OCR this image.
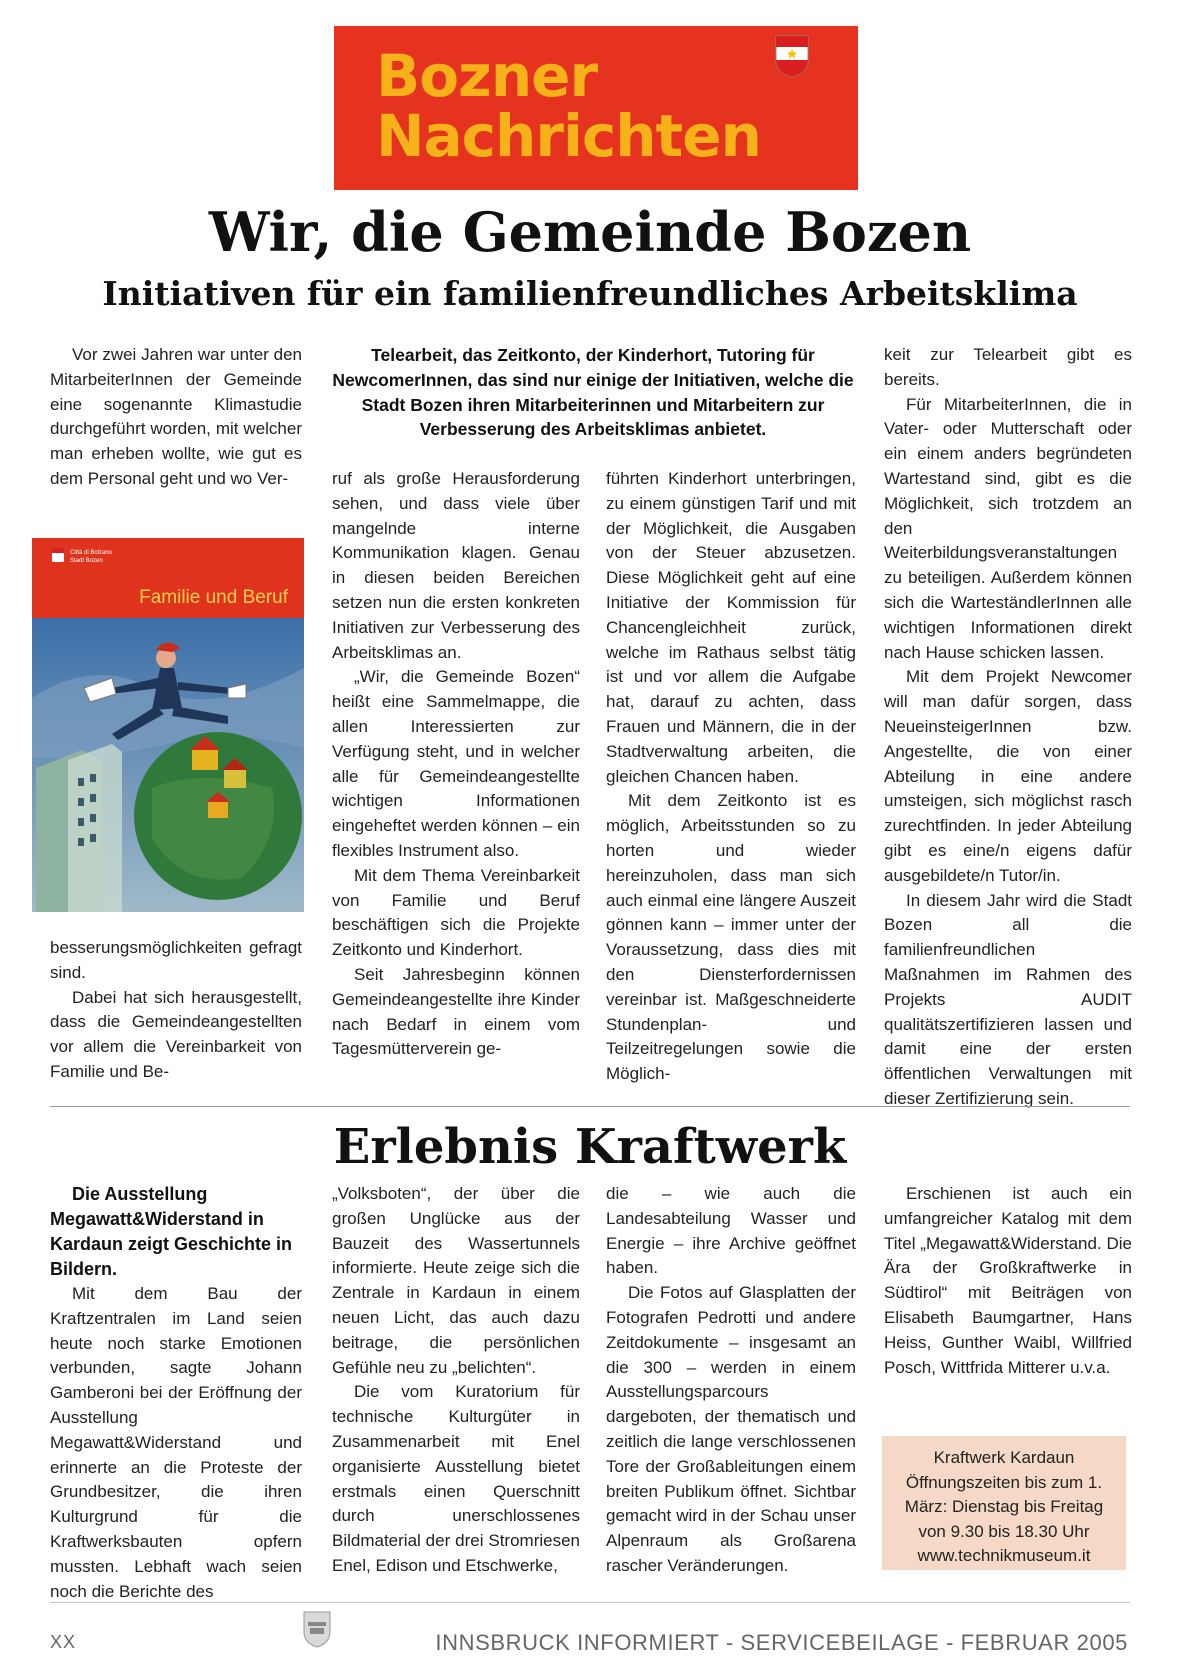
Bozner
Nachrichten
Wir, die Gemeinde Bozen
Initiativen für ein familienfreundliches Arbeitsklima

Vor zwei Jahren war unter den MitarbeiterInnen der Gemeinde eine sogenannte Klimastudie durchgeführt worden, mit welcher man erheben wollte, wie gut es dem Personal geht und wo Ver-

Città di Bolzano
Stadt Bozen
Familie und Beruf

besserungsmöglichkeiten gefragt sind.

Dabei hat sich herausgestellt, dass die Gemeindeangestellten vor allem die Vereinbarkeit von Familie und Be-

Telearbeit, das Zeitkonto, der Kinderhort, Tutoring für NewcomerInnen, das sind nur einige der Initiativen, welche die Stadt Bozen ihren Mitarbeiterinnen und Mitarbeitern zur Verbesserung des Arbeitsklimas anbietet.

ruf als große Herausforderung sehen, und dass viele über mangelnde interne Kommunikation klagen. Genau in diesen beiden Bereichen setzen nun die ersten konkreten Initiativen zur Verbesserung des Arbeitsklimas an.

„Wir, die Gemeinde Bozen“ heißt eine Sammelmappe, die allen Interessierten zur Verfügung steht, und in welcher alle für Gemeindeangestellte wichtigen Informationen eingeheftet werden können – ein flexibles Instrument also.

Mit dem Thema Vereinbarkeit von Familie und Beruf beschäftigen sich die Projekte Zeitkonto und Kinderhort.

Seit Jahresbeginn können Gemeindeangestellte ihre Kinder nach Bedarf in einem vom Tagesmütterverein ge-

führten Kinderhort unterbringen, zu einem günstigen Tarif und mit der Möglichkeit, die Ausgaben von der Steuer abzusetzen. Diese Möglichkeit geht auf eine Initiative der Kommission für Chancengleichheit zurück, welche im Rathaus selbst tätig ist und vor allem die Aufgabe hat, darauf zu achten, dass Frauen und Männern, die in der Stadtverwaltung arbeiten, die gleichen Chancen haben.

Mit dem Zeitkonto ist es möglich, Arbeitsstunden so zu horten und wieder hereinzuholen, dass man sich auch einmal eine längere Auszeit gönnen kann – immer unter der Voraussetzung, dass dies mit den Diensterfordernissen vereinbar ist. Maßgeschneiderte Stundenplan- und Teilzeitregelungen sowie die Möglich-

keit zur Telearbeit gibt es bereits.

Für MitarbeiterInnen, die in Vater- oder Mutterschaft oder ein einem anders begründeten Wartestand sind, gibt es die Möglichkeit, sich trotzdem an den Weiterbildungsveranstaltungen zu beteiligen. Außerdem können sich die WarteständlerInnen alle wichtigen Informationen direkt nach Hause schicken lassen.

Mit dem Projekt Newcomer will man dafür sorgen, dass NeueinsteigerInnen bzw. Angestellte, die von einer Abteilung in eine andere umsteigen, sich möglichst rasch zurechtfinden. In jeder Abteilung gibt es eine/n eigens dafür ausgebildete/n Tutor/in.

In diesem Jahr wird die Stadt Bozen all die familienfreundlichen Maßnahmen im Rahmen des Projekts AUDIT qualitätszertifizieren lassen und damit eine der ersten öffentlichen Verwaltungen mit dieser Zertifizierung sein.

Erlebnis Kraftwerk

Die Ausstellung Megawatt&Widerstand in Kardaun zeigt Geschichte in Bildern.

Mit dem Bau der Kraftzentralen im Land seien heute noch starke Emotionen verbunden, sagte Johann Gamberoni bei der Eröffnung der Ausstellung Megawatt&Widerstand und erinnerte an die Proteste der Grundbesitzer, die ihren Kulturgrund für die Kraftwerksbauten opfern mussten. Lebhaft wach seien noch die Berichte des

„Volksboten“, der über die großen Unglücke aus der Bauzeit des Wassertunnels informierte. Heute zeige sich die Zentrale in Kardaun in einem neuen Licht, das auch dazu beitrage, die persönlichen Gefühle neu zu „belichten“.

Die vom Kuratorium für technische Kulturgüter in Zusammenarbeit mit Enel organisierte Ausstellung bietet erstmals einen Querschnitt durch unerschlossenes Bildmaterial der drei Stromriesen Enel, Edison und Etschwerke,

die – wie auch die Landesabteilung Wasser und Energie – ihre Archive geöffnet haben.

Die Fotos auf Glasplatten der Fotografen Pedrotti und andere Zeitdokumente – insgesamt an die 300 – werden in einem Ausstellungsparcours dargeboten, der thematisch und zeitlich die lange verschlossenen Tore der Großableitungen einem breiten Publikum öffnet. Sichtbar gemacht wird in der Schau unser Alpenraum als Großarena rascher Veränderungen.

Erschienen ist auch ein umfangreicher Katalog mit dem Titel „Megawatt&Widerstand. Die Ära der Großkraftwerke in Südtirol“ mit Beiträgen von Elisabeth Baumgartner, Hans Heiss, Gunther Waibl, Willfried Posch, Wittfrida Mitterer u.v.a.

Kraftwerk Kardaun
Öffnungszeiten bis zum 1.
März: Dienstag bis Freitag
von 9.30 bis 18.30 Uhr
www.technikmuseum.it
XX	INNSBRUCK INFORMIERT - SERVICEBEILAGE - FEBRUAR 2005
